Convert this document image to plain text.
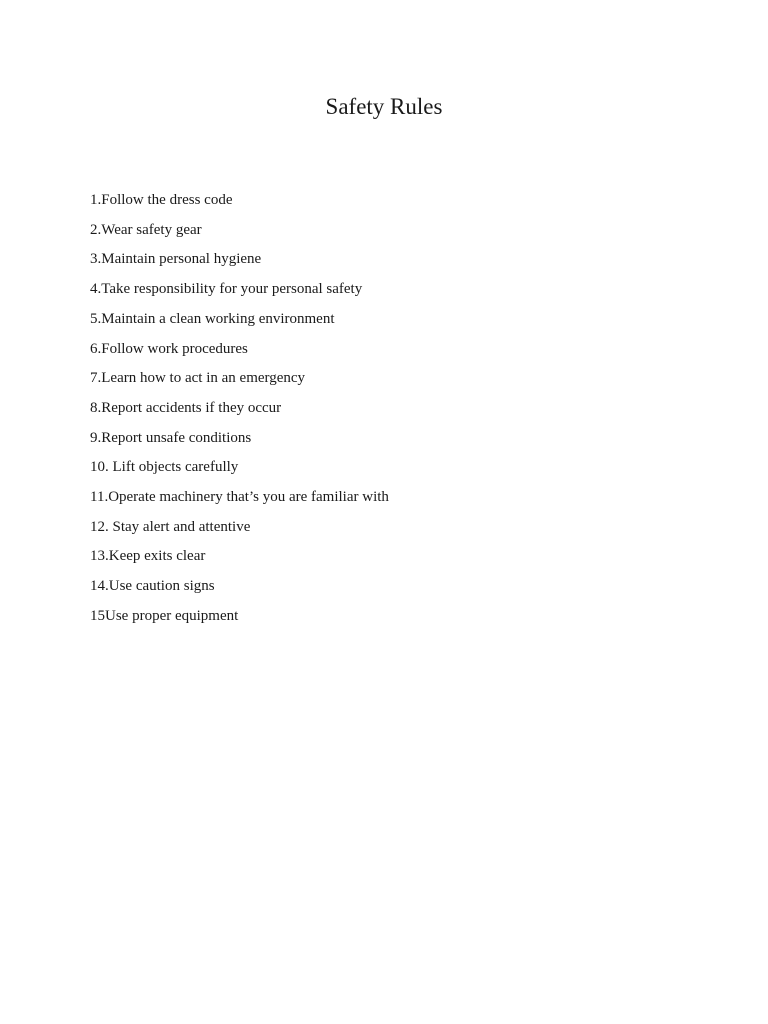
Safety Rules
1.Follow the dress code
2.Wear safety gear
3.Maintain personal hygiene
4.Take responsibility for your personal safety
5.Maintain a clean working environment
6.Follow work procedures
7.Learn how to act in an emergency
8.Report accidents if they occur
9.Report unsafe conditions
10. Lift objects carefully
11.Operate machinery that’s you are familiar with
12. Stay alert and attentive
13.Keep exits clear
14.Use caution signs
15Use proper equipment
